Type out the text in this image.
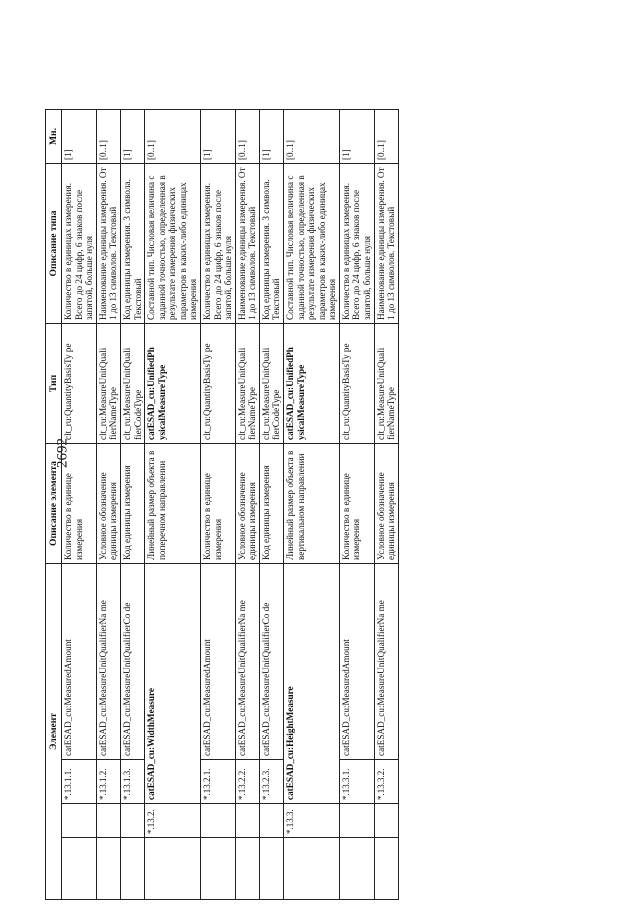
2692
Элемент				Описание элемента	Тип	Описание типа	Мн.
		*.13.1.1.	catESAD_cu:MeasuredAmount	Количество в единице измерения	clt_ru:QuantityBasisTy pe	Количество в единицах измерения. Всего до 24 цифр, 6 знаков после запятой, больше нуля	[1]
		*.13.1.2.	catESAD_cu:MeasureUnitQualifierNa me	Условное обозначение единицы измерения	clt_ru:MeasureUnitQuali fierNameType	Наименование единицы измерения. От 1 до 13 символов. Текстовый	[0..1]
		*.13.1.3.	catESAD_cu:MeasureUnitQualifierCo de	Код единицы измерения	clt_ru:MeasureUnitQuali fierCodeType	Код единицы измерения. 3 символа. Текстовый	[1]
	*.13.2.	catESAD_cu:WidthMeasure		Линейный размер объекта в поперечном направлении	catESAD_cu:UnifiedPh ysicalMeasureType	Составной тип. Числовая величина с заданной точностью, определенная в результате измерения физических параметров в каких-либо единицах измерения	[0..1]
		*.13.2.1.	catESAD_cu:MeasuredAmount	Количество в единице измерения	clt_ru:QuantityBasisTy pe	Количество в единицах измерения. Всего до 24 цифр, 6 знаков после запятой, больше нуля	[1]
		*.13.2.2.	catESAD_cu:MeasureUnitQualifierNa me	Условное обозначение единицы измерения	clt_ru:MeasureUnitQuali fierNameType	Наименование единицы измерения. От 1 до 13 символов. Текстовый	[0..1]
		*.13.2.3.	catESAD_cu:MeasureUnitQualifierCo de	Код единицы измерения	clt_ru:MeasureUnitQuali fierCodeType	Код единицы измерения. 3 символа. Текстовый	[1]
	*.13.3.	catESAD_cu:HeightMeasure		Линейный размер объекта в вертикальном направлении	catESAD_cu:UnifiedPh ysicalMeasureType	Составной тип. Числовая величина с заданной точностью, определенная в результате измерения физических параметров в каких-либо единицах измерения	[0..1]
		*.13.3.1.	catESAD_cu:MeasuredAmount	Количество в единице измерения	clt_ru:QuantityBasisTy pe	Количество в единицах измерения. Всего до 24 цифр, 6 знаков после запятой, больше нуля	[1]
		*.13.3.2.	catESAD_cu:MeasureUnitQualifierNa me	Условное обозначение единицы измерения	clt_ru:MeasureUnitQuali fierNameType	Наименование единицы измерения. От 1 до 13 символов. Текстовый	[0..1]
